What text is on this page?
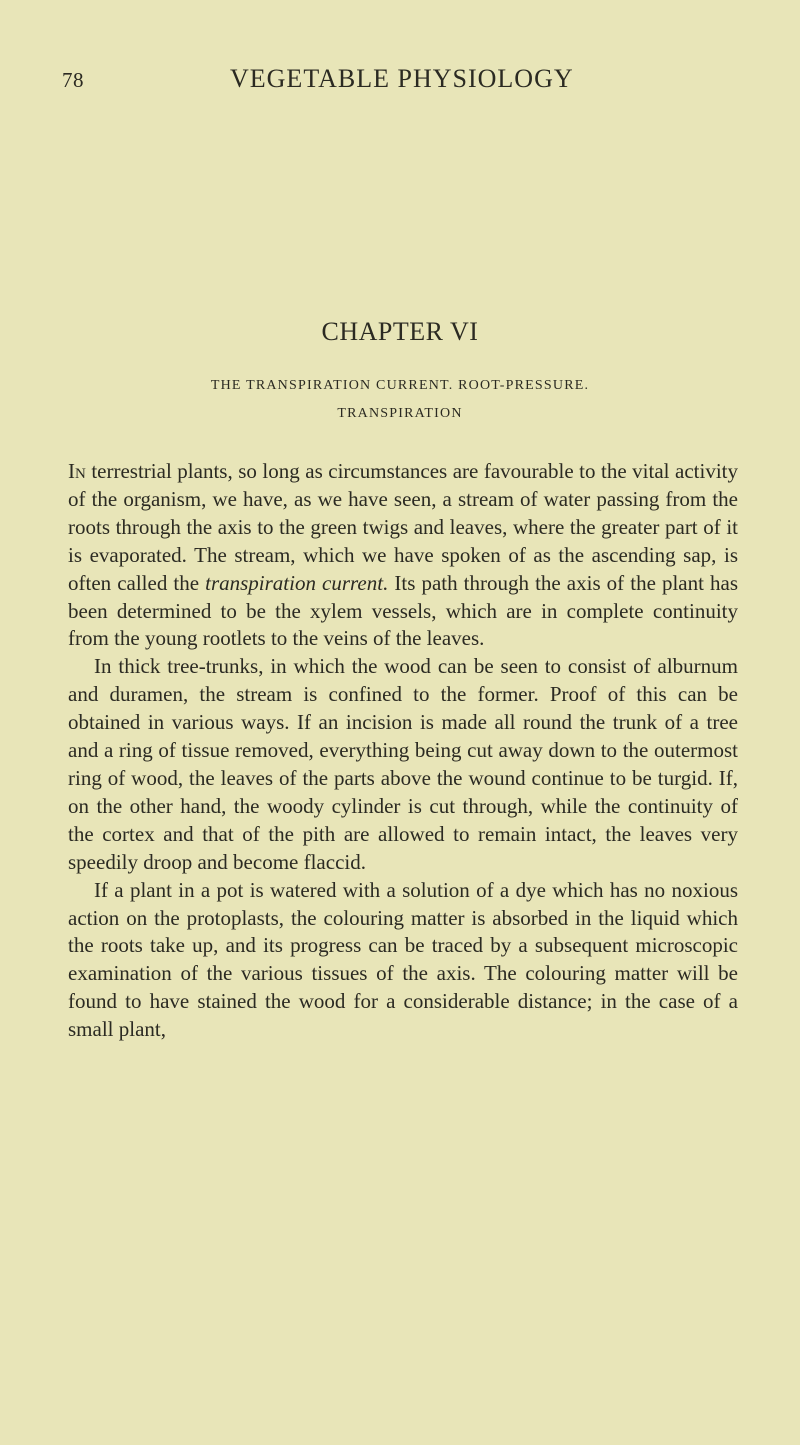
78	VEGETABLE PHYSIOLOGY
CHAPTER VI
THE TRANSPIRATION CURRENT. ROOT-PRESSURE.
TRANSPIRATION

In terrestrial plants, so long as circumstances are favourable to the vital activity of the organism, we have, as we have seen, a stream of water passing from the roots through the axis to the green twigs and leaves, where the greater part of it is evaporated. The stream, which we have spoken of as the ascending sap, is often called the transpiration current. Its path through the axis of the plant has been determined to be the xylem vessels, which are in complete continuity from the young rootlets to the veins of the leaves.

In thick tree-trunks, in which the wood can be seen to consist of alburnum and duramen, the stream is confined to the former. Proof of this can be obtained in various ways. If an incision is made all round the trunk of a tree and a ring of tissue removed, everything being cut away down to the outermost ring of wood, the leaves of the parts above the wound continue to be turgid. If, on the other hand, the woody cylinder is cut through, while the continuity of the cortex and that of the pith are allowed to remain intact, the leaves very speedily droop and become flaccid.

If a plant in a pot is watered with a solution of a dye which has no noxious action on the protoplasts, the colouring matter is absorbed in the liquid which the roots take up, and its progress can be traced by a subsequent microscopic examination of the various tissues of the axis. The colouring matter will be found to have stained the wood for a considerable distance; in the case of a small plant,
